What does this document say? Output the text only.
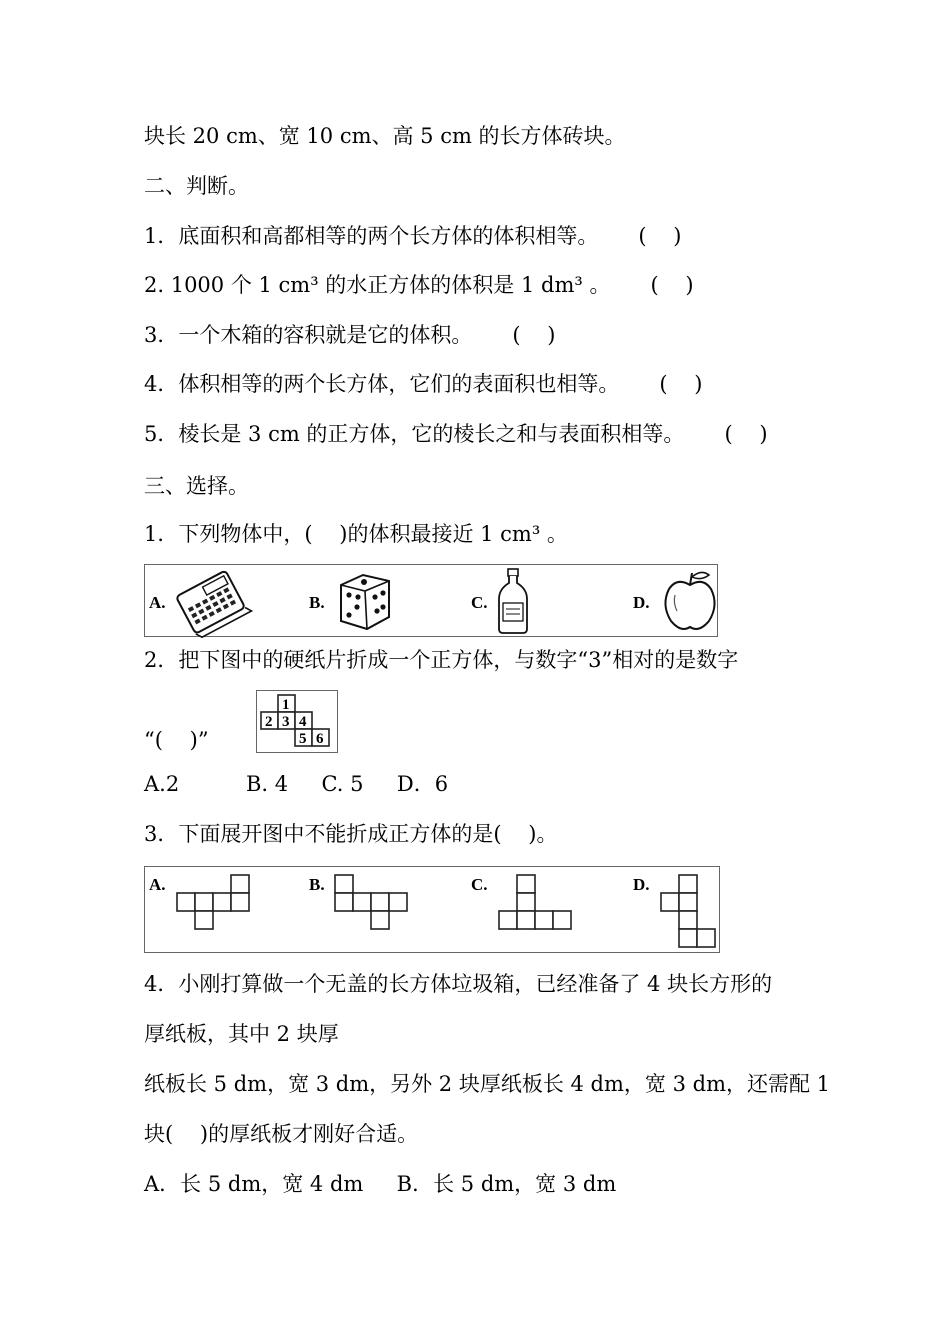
块长 20 cm、宽 10 cm、高 5 cm 的长方体砖块。
二、判断。
1．底面积和高都相等的两个长方体的体积相等。      (    )
2. 1000 个 1 cm³ 的水正方体的体积是 1 dm³ 。      (    )
3．一个木箱的容积就是它的体积。      (    )
4．体积相等的两个长方体，它们的表面积也相等。      (    )
5．棱长是 3 cm 的正方体，它的棱长之和与表面积相等。      (    )
三、选择。
1．下列物体中，(    )的体积最接近 1 cm³ 。
A.	B.	C.	D.
2．把下图中的硬纸片折成一个正方体，与数字“3”相对的是数字
“(    )”
1
2 3 4
5 6
A.2          B. 4     C. 5     D．6
3．下面展开图中不能折成正方体的是(    )。
A.	B.	C.	D.
4．小刚打算做一个无盖的长方体垃圾箱，已经准备了 4 块长方形的
厚纸板，其中 2 块厚
纸板长 5 dm，宽 3 dm，另外 2 块厚纸板长 4 dm，宽 3 dm，还需配 1
块(    )的厚纸板才刚好合适。
A．长 5 dm，宽 4 dm     B．长 5 dm，宽 3 dm
